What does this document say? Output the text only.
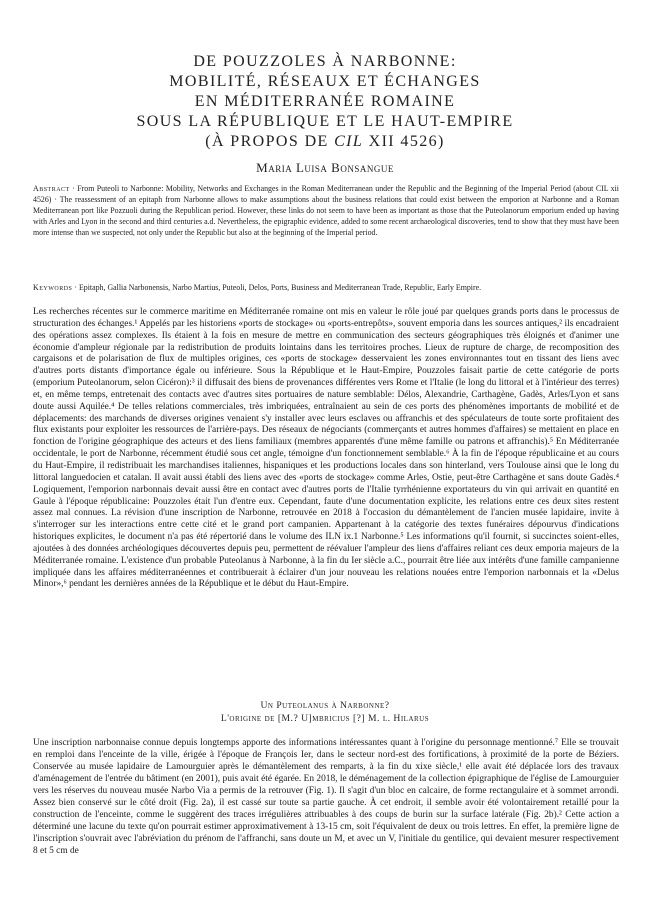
DE POUZZOLES À NARBONNE:
MOBILITÉ, RÉSEAUX ET ÉCHANGES
EN MÉDITERRANÉE ROMAINE
SOUS LA RÉPUBLIQUE ET LE HAUT-EMPIRE
(À PROPOS DE CIL XII 4526)
Maria Luisa Bonsangue
Abstract · From Puteoli to Narbonne: Mobility, Networks and Exchanges in the Roman Mediterranean under the Republic and the Beginning of the Imperial Period (about CIL xii 4526) · The reassessment of an epitaph from Narbonne allows to make assumptions about the business relations that could exist between the emporion at Narbonne and a Roman Mediterranean port like Pozzuoli during the Republican period. However, these links do not seem to have been as important as those that the Puteolanorum emporium ended up having with Arles and Lyon in the second and third centuries a.d. Nevertheless, the epigraphic evidence, added to some recent archaeological discoveries, tend to show that they must have been more intense than we suspected, not only under the Republic but also at the beginning of the Imperial period.
Keywords · Epitaph, Gallia Narbonensis, Narbo Martius, Puteoli, Delos, Ports, Business and Mediterranean Trade, Republic, Early Empire.

Les recherches récentes sur le commerce maritime en Méditerranée romaine ont mis en valeur le rôle joué par quelques grands ports dans le processus de structuration des échanges.¹ Appelés par les historiens «ports de stockage» ou «ports-entrepôts», souvent emporia dans les sources antiques,² ils encadraient des opérations assez complexes. Ils étaient à la fois en mesure de mettre en communication des secteurs géographiques très éloignés et d'animer une économie d'ampleur régionale par la redistribution de produits lointains dans les territoires proches. Lieux de rupture de charge, de recomposition des cargaisons et de polarisation de flux de multiples origines, ces «ports de stockage» desservaient les zones environnantes tout en tissant des liens avec d'autres ports distants d'importance égale ou inférieure. Sous la République et le Haut-Empire, Pouzzoles faisait partie de cette catégorie de ports (emporium Puteolanorum, selon Cicéron):³ il diffusait des biens de provenances différentes vers Rome et l'Italie (le long du littoral et à l'intérieur des terres) et, en même temps, entretenait des contacts avec d'autres sites portuaires de nature semblable: Délos, Alexandrie, Carthagène, Gadès, Arles/Lyon et sans doute aussi Aquilée.⁴ De telles relations commerciales, très imbriquées, entraînaient au sein de ces ports des phénomènes importants de mobilité et de déplacements: des marchands de diverses origines venaient s'y installer avec leurs esclaves ou affranchis et des spéculateurs de toute sorte profitaient des flux existants pour exploiter les ressources de l'arrière-pays. Des réseaux de négociants (commerçants et autres hommes d'affaires) se mettaient en place en fonction de l'origine géographique des acteurs et des liens familiaux (membres apparentés d'une même famille ou patrons et affranchis).⁵ En Méditerranée occidentale, le port de Narbonne, récemment étudié sous cet angle, témoigne d'un fonctionnement semblable.⁶ À la fin de l'époque républicaine et au cours du Haut-Empire, il redistribuait les marchandises italiennes, hispaniques et les productions locales dans son hinterland, vers Toulouse ainsi que le long du littoral languedocien et catalan. Il avait aussi établi des liens avec des «ports de stockage» comme Arles, Ostie, peut-être Carthagène et sans doute Gadès.⁴ Logiquement, l'emporion narbonnais devait aussi être en contact avec d'autres ports de l'Italie tyrrhénienne exportateurs du vin qui arrivait en quantité en Gaule à l'époque républicaine: Pouzzoles était l'un d'entre eux. Cependant, faute d'une documentation explicite, les relations entre ces deux sites restent assez mal connues. La révision d'une inscription de Narbonne, retrouvée en 2018 à l'occasion du démantèlement de l'ancien musée lapidaire, invite à s'interroger sur les interactions entre cette cité et le grand port campanien. Appartenant à la catégorie des textes funéraires dépourvus d'indications historiques explicites, le document n'a pas été répertorié dans le volume des ILN ix.1 Narbonne.⁵ Les informations qu'il fournit, si succinctes soient-elles, ajoutées à des données archéologiques découvertes depuis peu, permettent de réévaluer l'ampleur des liens d'affaires reliant ces deux emporia majeurs de la Méditerranée romaine. L'existence d'un probable Puteolanus à Narbonne, à la fin du Ier siècle a.C., pourrait être liée aux intérêts d'une famille campanienne impliquée dans les affaires méditerranéennes et contribuerait à éclairer d'un jour nouveau les relations nouées entre l'emporion narbonnais et la «Delus Minor»,⁶ pendant les dernières années de la République et le début du Haut-Empire.

Un Puteolanus à Narbonne?
L'origine de [M.? U]mbricius [?] M. l. Hilarus

Une inscription narbonnaise connue depuis longtemps apporte des informations intéressantes quant à l'origine du personnage mentionné.⁷ Elle se trouvait en remploi dans l'enceinte de la ville, érigée à l'époque de François Ier, dans le secteur nord-est des fortifications, à proximité de la porte de Béziers. Conservée au musée lapidaire de Lamourguier après le démantèlement des remparts, à la fin du xixe siècle,¹ elle avait été déplacée lors des travaux d'aménagement de l'entrée du bâtiment (en 2001), puis avait été égarée. En 2018, le déménagement de la collection épigraphique de l'église de Lamourguier vers les réserves du nouveau musée Narbo Via a permis de la retrouver (Fig. 1). Il s'agit d'un bloc en calcaire, de forme rectangulaire et à sommet arrondi. Assez bien conservé sur le côté droit (Fig. 2a), il est cassé sur toute sa partie gauche. À cet endroit, il semble avoir été volontairement retaillé pour la construction de l'enceinte, comme le suggèrent des traces irrégulières attribuables à des coups de burin sur la surface latérale (Fig. 2b).² Cette action a déterminé une lacune du texte qu'on pourrait estimer approximativement à 13-15 cm, soit l'équivalent de deux ou trois lettres. En effet, la première ligne de l'inscription s'ouvrait avec l'abréviation du prénom de l'affranchi, sans doute un M, et avec un V, l'initiale du gentilice, qui devaient mesurer respectivement 8 et 5 cm de
